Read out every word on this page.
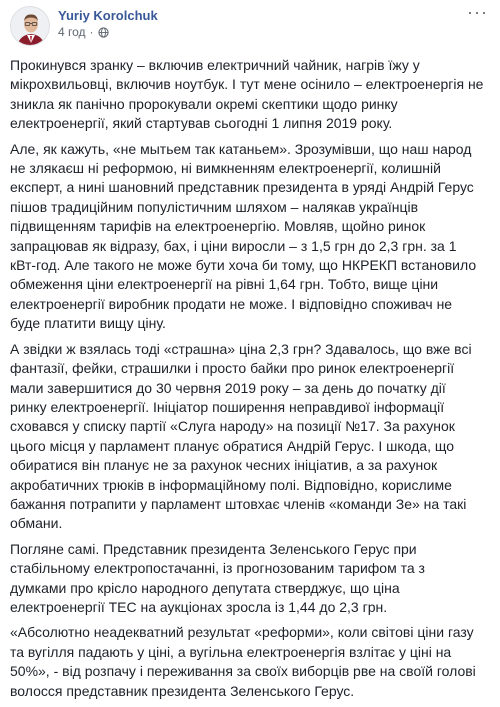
Yuriy Korolchuk
4 год ·
···

Прокинувся зранку – включив електричний чайник, нагрів їжу у мікрохвильовці, включив ноутбук. І тут мене осінило – електроенергія не зникла як панічно пророкували окремі скептики щодо ринку електроенергії, який стартував сьогодні 1 липня 2019 року.

Але, як кажуть, «не мытьем так катаньем». Зрозумівши, що наш народ не злякаєш ні реформою, ні вимкненням електроенергії, колишній експерт, а нині шановний представник президента в уряді Андрій Герус пішов традиційним популістичним шляхом – налякав українців підвищенням тарифів на електроенергію. Мовляв, щойно ринок запрацював як відразу, бах, і ціни виросли – з 1,5 грн до 2,3 грн. за 1 кВт-год. Але такого не може бути хоча би тому, що НКРЕКП встановило обмеження ціни електроенергії на рівні 1,64 грн. Тобто, вище ціни електроенергії виробник продати не може. І відповідно споживач не буде платити вищу ціну.

А звідки ж взялась тоді «страшна» ціна 2,3 грн? Здавалось, що вже всі фантазії, фейки, страшилки і просто байки про ринок електроенергії мали завершитися до 30 червня 2019 року – за день до початку дії ринку електроенергії. Ініціатор поширення неправдивої інформації сховався у списку партії «Слуга народу» на позиції №17. За рахунок цього місця у парламент планує обратися Андрій Герус. І шкода, що обиратися він планує не за рахунок чесних ініціатив, а за рахунок акробатичних трюків в інформаційному полі. Відповідно, корислиме бажання потрапити у парламент штовхає членів «команди Зе» на такі обмани.

Погляне самі. Представник президента Зеленського Герус при стабільному електропостачанні, із прогнозованим тарифом та з думками про крісло народного депутата стверджує, що ціна електроенергії ТЕС на аукціонах зросла із 1,44 до 2,3 грн.

«Абсолютно неадекватний результат «реформи», коли світові ціни газу та вугілля падають у ціні, а вугільна електроенергія взлітає у ціні на 50%», - від розпачу і переживання за своїх виборців рве на своїй голові волосся представник президента Зеленського Герус.
